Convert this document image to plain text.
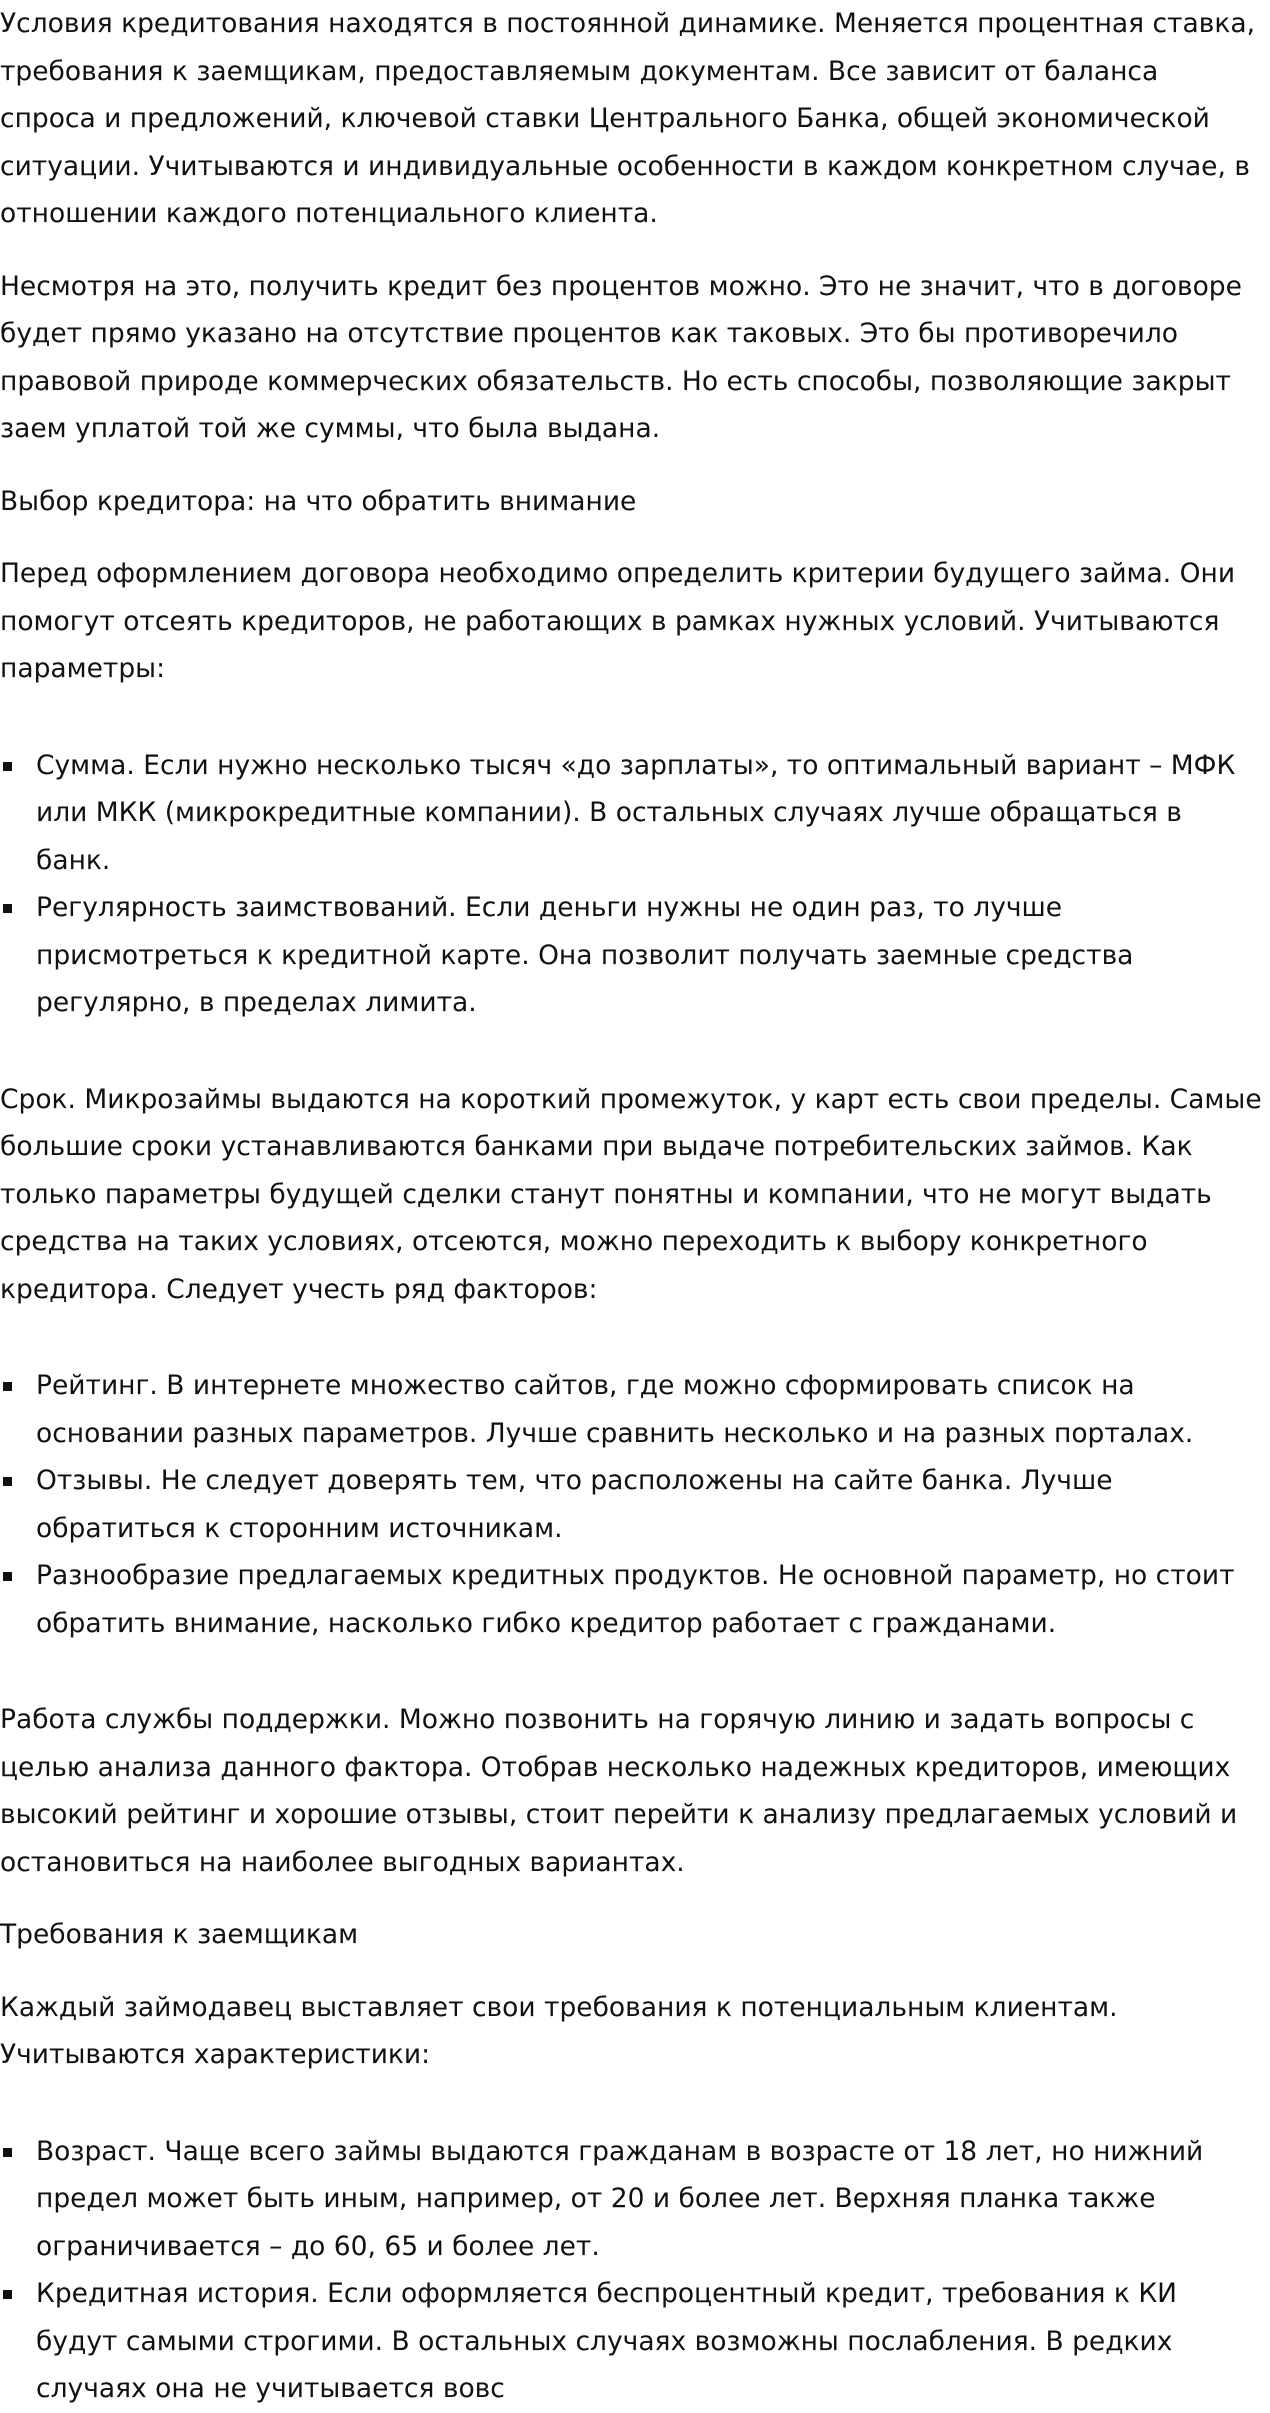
Условия кредитования находятся в постоянной динамике. Меняется процентная ставка, требования к заемщикам, предоставляемым документам. Все зависит от баланса спроса и предложений, ключевой ставки Центрального Банка, общей экономической ситуации. Учитываются и индивидуальные особенности в каждом конкретном случае, в отношении каждого потенциального клиента.

Несмотря на это, получить кредит без процентов можно. Это не значит, что в договоре будет прямо указано на отсутствие процентов как таковых. Это бы противоречило правовой природе коммерческих обязательств. Но есть способы, позволяющие закрыт заем уплатой той же суммы, что была выдана.

Выбор кредитора: на что обратить внимание

Перед оформлением договора необходимо определить критерии будущего займа. Они помогут отсеять кредиторов, не работающих в рамках нужных условий. Учитываются параметры:

Сумма. Если нужно несколько тысяч «до зарплаты», то оптимальный вариант – МФК или МКК (микрокредитные компании). В остальных случаях лучше обращаться в банк.
Регулярность заимствований. Если деньги нужны не один раз, то лучше присмотреться к кредитной карте. Она позволит получать заемные средства регулярно, в пределах лимита.

Срок. Микрозаймы выдаются на короткий промежуток, у карт есть свои пределы. Самые большие сроки устанавливаются банками при выдаче потребительских займов. Как только параметры будущей сделки станут понятны и компании, что не могут выдать средства на таких условиях, отсеются, можно переходить к выбору конкретного кредитора. Следует учесть ряд факторов:

Рейтинг. В интернете множество сайтов, где можно сформировать список на основании разных параметров. Лучше сравнить несколько и на разных порталах.
Отзывы. Не следует доверять тем, что расположены на сайте банка. Лучше обратиться к сторонним источникам.
Разнообразие предлагаемых кредитных продуктов. Не основной параметр, но стоит обратить внимание, насколько гибко кредитор работает с гражданами.

Работа службы поддержки. Можно позвонить на горячую линию и задать вопросы с целью анализа данного фактора. Отобрав несколько надежных кредиторов, имеющих высокий рейтинг и хорошие отзывы, стоит перейти к анализу предлагаемых условий и остановиться на наиболее выгодных вариантах.

Требования к заемщикам

Каждый займодавец выставляет свои требования к потенциальным клиентам. Учитываются характеристики:

Возраст. Чаще всего займы выдаются гражданам в возрасте от 18 лет, но нижний предел может быть иным, например, от 20 и более лет. Верхняя планка также ограничивается – до 60, 65 и более лет.
Кредитная история. Если оформляется беспроцентный кредит, требования к КИ будут самыми строгими. В остальных случаях возможны послабления. В редких случаях она не учитывается вовс
